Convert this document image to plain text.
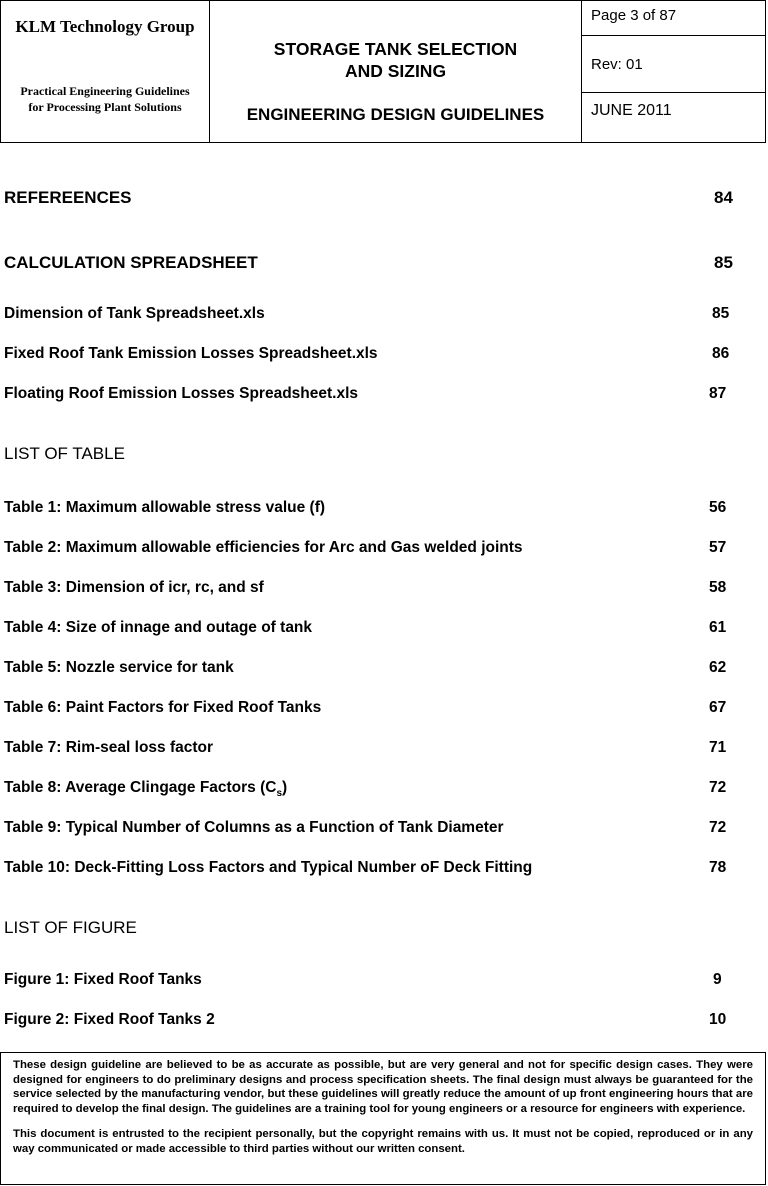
KLM Technology Group
Practical Engineering Guidelines
for Processing Plant Solutions
STORAGE TANK SELECTION AND SIZING
ENGINEERING DESIGN GUIDELINES
Page 3 of 87
Rev: 01
JUNE 2011
REFEREENCES	84
CALCULATION SPREADSHEET	85
Dimension of Tank Spreadsheet.xls	85
Fixed Roof Tank Emission Losses Spreadsheet.xls	86
Floating Roof Emission Losses Spreadsheet.xls	87
LIST OF TABLE
Table 1: Maximum allowable stress value (f)	56
Table 2: Maximum allowable efficiencies for Arc and Gas welded joints	57
Table 3: Dimension of icr, rc, and sf	58
Table 4: Size of innage and outage of tank	61
Table 5: Nozzle service for tank	62
Table 6: Paint Factors for Fixed Roof Tanks	67
Table 7: Rim-seal loss factor	71
Table 8: Average Clingage Factors $(C_s)$	72
Table 9: Typical Number of Columns as a Function of Tank Diameter	72
Table 10: Deck-Fitting Loss Factors and Typical Number oF Deck Fitting	78
LIST OF FIGURE
Figure 1: Fixed Roof Tanks	9
Figure 2: Fixed Roof Tanks 2	10

These design guideline are believed to be as accurate as possible, but are very general and not for specific design cases. They were designed for engineers to do preliminary designs and process specification sheets. The final design must always be guaranteed for the service selected by the manufacturing vendor, but these guidelines will greatly reduce the amount of up front engineering hours that are required to develop the final design. The guidelines are a training tool for young engineers or a resource for engineers with experience.

This document is entrusted to the recipient personally, but the copyright remains with us. It must not be copied, reproduced or in any way communicated or made accessible to third parties without our written consent.
